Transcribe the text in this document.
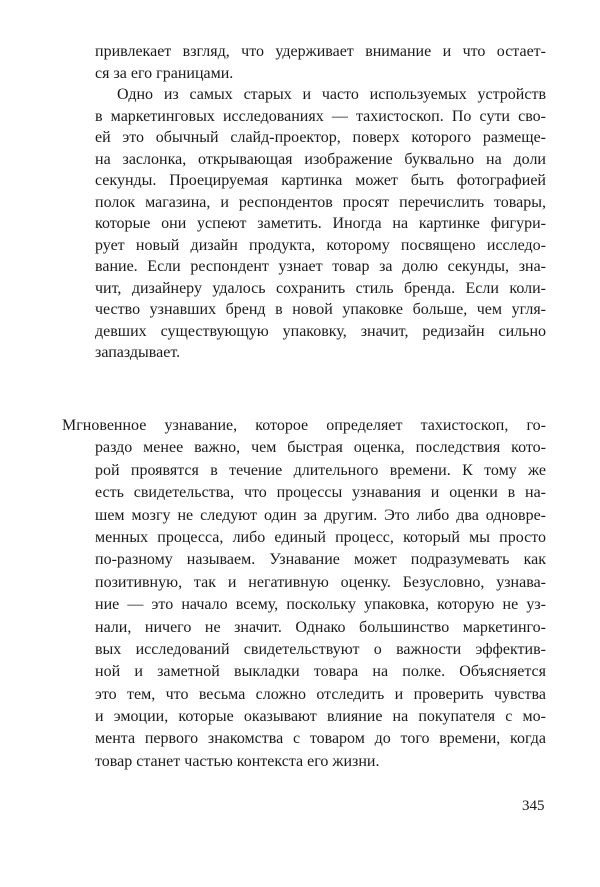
привлекает взгляд, что удерживает внимание и что остает-
ся за его границами.
Одно из самых старых и часто используемых устройств
в маркетинговых исследованиях — тахистоскоп. По сути сво-
ей это обычный слайд-проектор, поверх которого размеще-
на заслонка, открывающая изображение буквально на доли
секунды. Проецируемая картинка может быть фотографией
полок магазина, и респондентов просят перечислить товары,
которые они успеют заметить. Иногда на картинке фигури-
рует новый дизайн продукта, которому посвящено исследо-
вание. Если респондент узнает товар за долю секунды, зна-
чит, дизайнеру удалось сохранить стиль бренда. Если коли-
чество узнавших бренд в новой упаковке больше, чем угля-
девших существующую упаковку, значит, редизайн сильно
запаздывает.
Мгновенное узнавание, которое определяет тахистоскоп, го-
раздо менее важно, чем быстрая оценка, последствия кото-
рой проявятся в течение длительного времени. К тому же
есть свидетельства, что процессы узнавания и оценки в на-
шем мозгу не следуют один за другим. Это либо два одновре-
менных процесса, либо единый процесс, который мы просто
по-разному называем. Узнавание может подразумевать как
позитивную, так и негативную оценку. Безусловно, узнава-
ние — это начало всему, поскольку упаковка, которую не уз-
нали, ничего не значит. Однако большинство маркетинго-
вых исследований свидетельствуют о важности эффектив-
ной и заметной выкладки товара на полке. Объясняется
это тем, что весьма сложно отследить и проверить чувства
и эмоции, которые оказывают влияние на покупателя с мо-
мента первого знакомства с товаром до того времени, когда
товар станет частью контекста его жизни.
345
